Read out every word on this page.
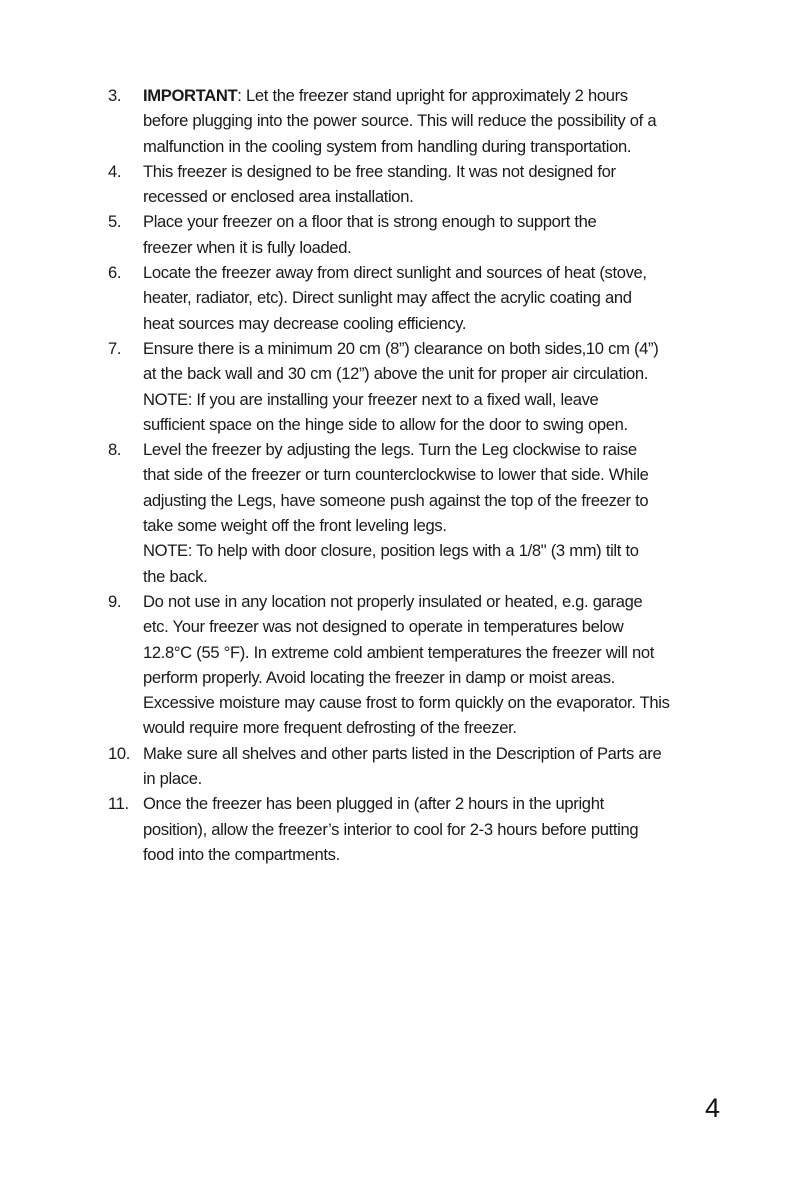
3.	IMPORTANT: Let the freezer stand upright for approximately 2 hours
before plugging into the power source. This will reduce the possibility of a
malfunction in the cooling system from handling during transportation.
4.	This freezer is designed to be free standing. It was not designed for
recessed or enclosed area installation.
5.	Place your freezer on a floor that is strong enough to support the
freezer when it is fully loaded.
6.	Locate the freezer away from direct sunlight and sources of heat (stove,
heater, radiator, etc). Direct sunlight may affect the acrylic coating and
heat sources may decrease cooling efficiency.
7.	Ensure there is a minimum 20 cm (8”) clearance on both sides,10 cm (4”)
at the back wall and 30 cm (12”) above the unit for proper air circulation.
NOTE: If you are installing your freezer next to a fixed wall, leave
sufficient space on the hinge side to allow for the door to swing open.
8.	Level the freezer by adjusting the legs. Turn the Leg clockwise to raise
that side of the freezer or turn counterclockwise to lower that side. While
adjusting the Legs, have someone push against the top of the freezer to
take some weight off the front leveling legs.
NOTE: To help with door closure, position legs with a 1/8" (3 mm) tilt to
the back.
9.	Do not use in any location not properly insulated or heated, e.g. garage
etc. Your freezer was not designed to operate in temperatures below
12.8°C (55 °F). In extreme cold ambient temperatures the freezer will not
perform properly. Avoid locating the freezer in damp or moist areas.
Excessive moisture may cause frost to form quickly on the evaporator. This
would require more frequent defrosting of the freezer.
10. Make sure all shelves and other parts listed in the Description of Parts are
in place.
11. Once the freezer has been plugged in (after 2 hours in the upright
position), allow the freezer’s interior to cool for 2-3 hours before putting
food into the compartments.
4
